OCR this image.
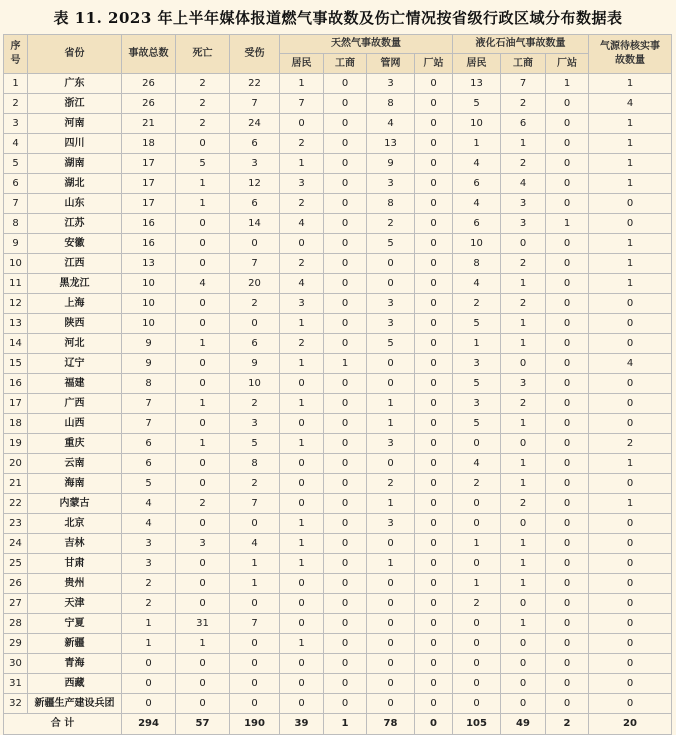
表 11. 2023 年上半年媒体报道燃气事故数及伤亡情况按省级行政区域分布数据表
序号	省份	事故总数	死亡	受伤	天然气事故数量				液化石油气事故数量			气源待核实事故数量

					居民	工商	管网	厂站	居民	工商	厂站	
1	广东	26	2	22	1	0	3	0	13	7	1	1
2	浙江	26	2	7	7	0	8	0	5	2	0	4
3	河南	21	2	24	0	0	4	0	10	6	0	1
4	四川	18	0	6	2	0	13	0	1	1	0	1
5	湖南	17	5	3	1	0	9	0	4	2	0	1
6	湖北	17	1	12	3	0	3	0	6	4	0	1
7	山东	17	1	6	2	0	8	0	4	3	0	0
8	江苏	16	0	14	4	0	2	0	6	3	1	0
9	安徽	16	0	0	0	0	5	0	10	0	0	1
10	江西	13	0	7	2	0	0	0	8	2	0	1
11	黑龙江	10	4	20	4	0	0	0	4	1	0	1
12	上海	10	0	2	3	0	3	0	2	2	0	0
13	陕西	10	0	0	1	0	3	0	5	1	0	0
14	河北	9	1	6	2	0	5	0	1	1	0	0
15	辽宁	9	0	9	1	1	0	0	3	0	0	4
16	福建	8	0	10	0	0	0	0	5	3	0	0
17	广西	7	1	2	1	0	1	0	3	2	0	0
18	山西	7	0	3	0	0	1	0	5	1	0	0
19	重庆	6	1	5	1	0	3	0	0	0	0	2
20	云南	6	0	8	0	0	0	0	4	1	0	1
21	海南	5	0	2	0	0	2	0	2	1	0	0
22	内蒙古	4	2	7	0	0	1	0	0	2	0	1
23	北京	4	0	0	1	0	3	0	0	0	0	0
24	吉林	3	3	4	1	0	0	0	1	1	0	0
25	甘肃	3	0	1	1	0	1	0	0	1	0	0
26	贵州	2	0	1	0	0	0	0	1	1	0	0
27	天津	2	0	0	0	0	0	0	2	0	0	0
28	宁夏	1	31	7	0	0	0	0	0	1	0	0
29	新疆	1	1	0	1	0	0	0	0	0	0	0
30	青海	0	0	0	0	0	0	0	0	0	0	0
31	西藏	0	0	0	0	0	0	0	0	0	0	0
32	新疆生产建设兵团	0	0	0	0	0	0	0	0	0	0	0
合 计		294	57	190	39	1	78	0	105	49	2	20
